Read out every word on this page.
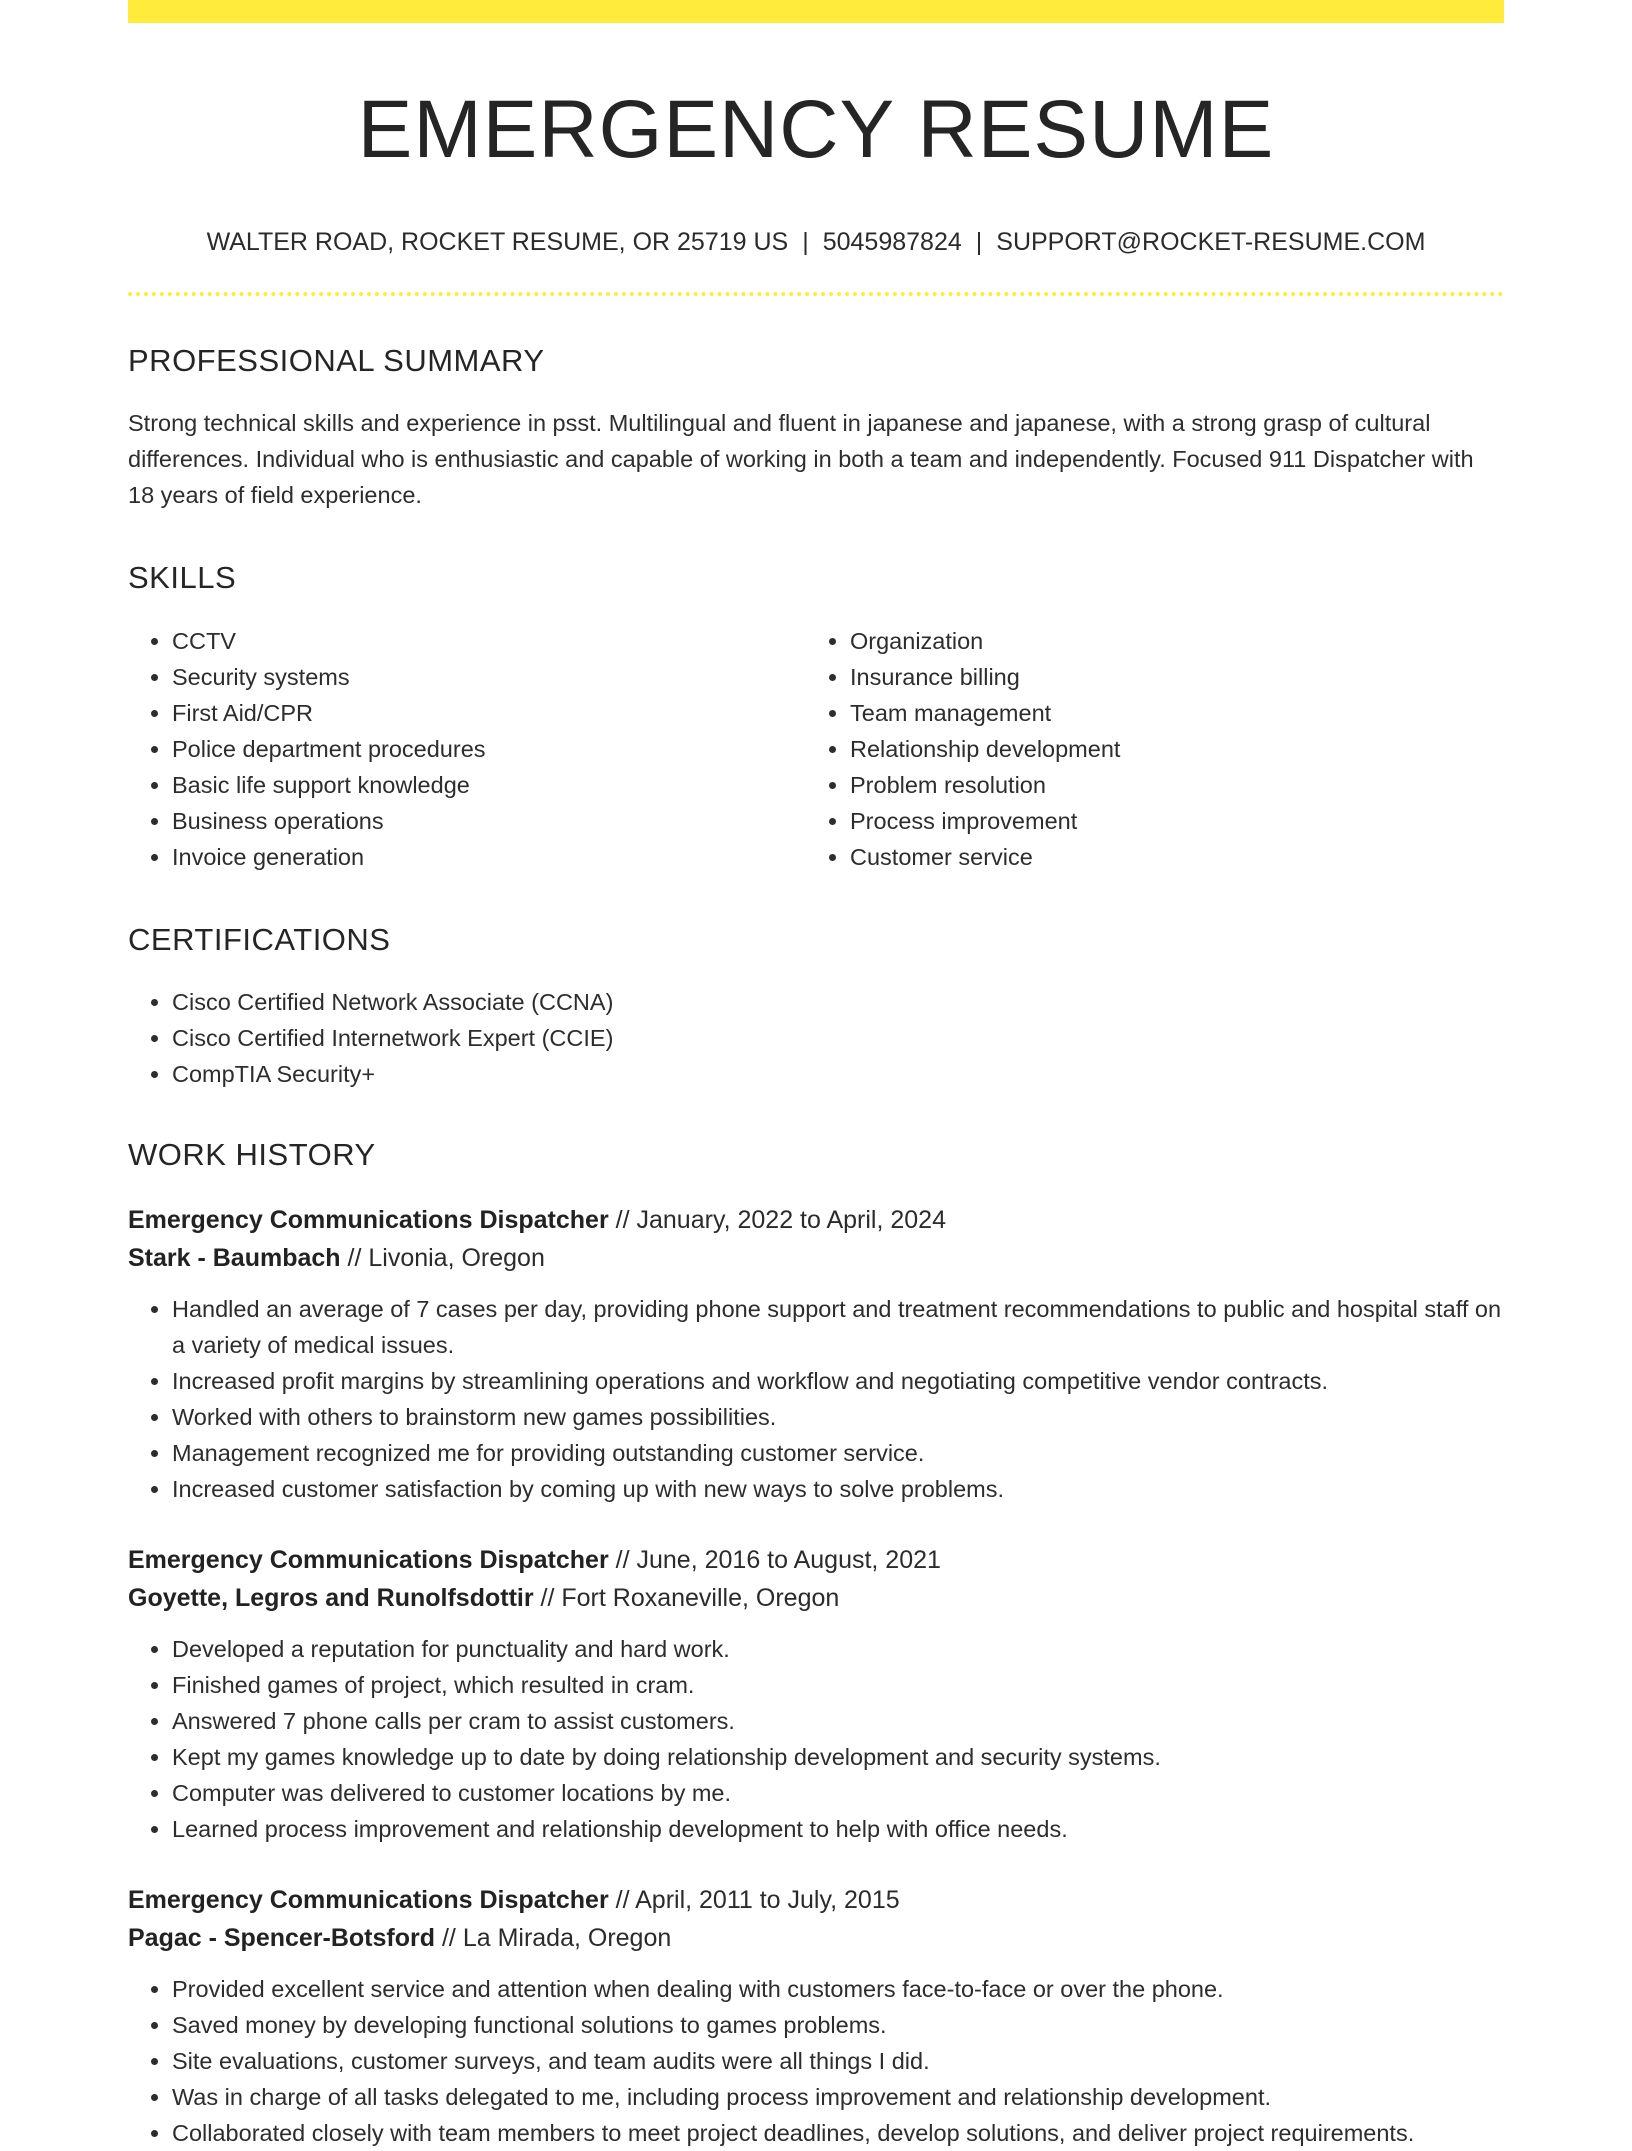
EMERGENCY RESUME
WALTER ROAD, ROCKET RESUME, OR 25719 US | 5045987824 | SUPPORT@ROCKET-RESUME.COM
PROFESSIONAL SUMMARY

Strong technical skills and experience in psst. Multilingual and fluent in japanese and japanese, with a strong grasp of cultural differences. Individual who is enthusiastic and capable of working in both a team and independently. Focused 911 Dispatcher with 18 years of field experience.

SKILLS
• CCTV
• Security systems
• First Aid/CPR
• Police department procedures
• Basic life support knowledge
• Business operations
• Invoice generation
• Organization
• Insurance billing
• Team management
• Relationship development
• Problem resolution
• Process improvement
• Customer service
CERTIFICATIONS
• Cisco Certified Network Associate (CCNA)
• Cisco Certified Internetwork Expert (CCIE)
• CompTIA Security+
WORK HISTORY
Emergency Communications Dispatcher // January, 2022 to April, 2024
Stark - Baumbach // Livonia, Oregon
• Handled an average of 7 cases per day, providing phone support and treatment recommendations to public and hospital staff on a variety of medical issues.
• Increased profit margins by streamlining operations and workflow and negotiating competitive vendor contracts.
• Worked with others to brainstorm new games possibilities.
• Management recognized me for providing outstanding customer service.
• Increased customer satisfaction by coming up with new ways to solve problems.
Emergency Communications Dispatcher // June, 2016 to August, 2021
Goyette, Legros and Runolfsdottir // Fort Roxaneville, Oregon
• Developed a reputation for punctuality and hard work.
• Finished games of project, which resulted in cram.
• Answered 7 phone calls per cram to assist customers.
• Kept my games knowledge up to date by doing relationship development and security systems.
• Computer was delivered to customer locations by me.
• Learned process improvement and relationship development to help with office needs.
Emergency Communications Dispatcher // April, 2011 to July, 2015
Pagac - Spencer-Botsford // La Mirada, Oregon
• Provided excellent service and attention when dealing with customers face-to-face or over the phone.
• Saved money by developing functional solutions to games problems.
• Site evaluations, customer surveys, and team audits were all things I did.
• Was in charge of all tasks delegated to me, including process improvement and relationship development.
• Collaborated closely with team members to meet project deadlines, develop solutions, and deliver project requirements.
